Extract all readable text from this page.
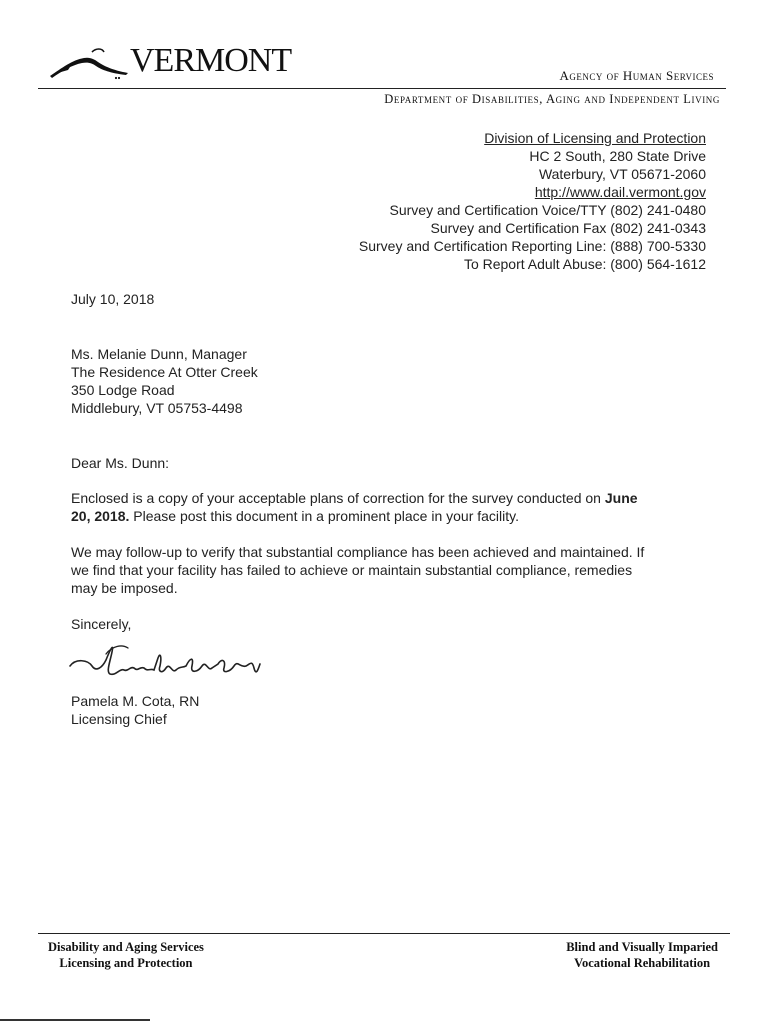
VERMONT	Agency of Human Services
Department of Disabilities, Aging and Independent Living
Division of Licensing and Protection
HC 2 South, 280 State Drive
Waterbury, VT 05671-2060
http://www.dail.vermont.gov
Survey and Certification Voice/TTY (802) 241-0480
Survey and Certification Fax (802) 241-0343
Survey and Certification Reporting Line: (888) 700-5330
To Report Adult Abuse: (800) 564-1612
July 10, 2018
Ms. Melanie Dunn, Manager
The Residence At Otter Creek
350 Lodge Road
Middlebury, VT 05753-4498
Dear Ms. Dunn:
Enclosed is a copy of your acceptable plans of correction for the survey conducted on June
20, 2018. Please post this document in a prominent place in your facility.
We may follow-up to verify that substantial compliance has been achieved and maintained. If
we find that your facility has failed to achieve or maintain substantial compliance, remedies
may be imposed.
Sincerely,
Pamela M. Cota, RN
Licensing Chief
Disability and Aging Services
Licensing and Protection
Blind and Visually Imparied
Vocational Rehabilitation
